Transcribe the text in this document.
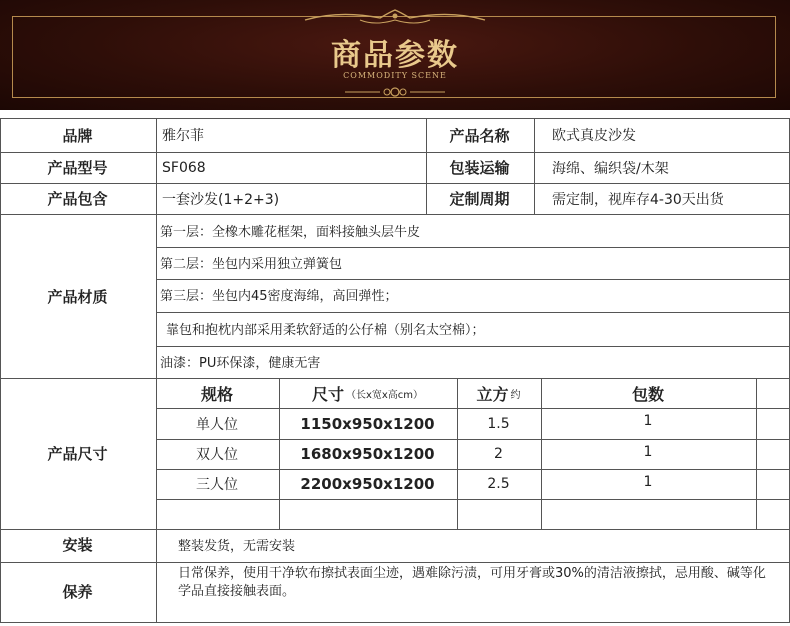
商品参数
COMMODITY SCENE
品牌	雅尔菲	产品名称	欧式真皮沙发
产品型号	SF068	包装运输	海绵、编织袋/木架
产品包含	一套沙发(1+2+3)	定制周期	需定制，视库存4-30天出货
产品材质
第一层：全橡木雕花框架，面料接触头层牛皮
第二层：坐包内采用独立弹簧包
第三层：坐包内45密度海绵，高回弹性；
靠包和抱枕内部采用柔软舒适的公仔棉（别名太空棉）；
油漆：PU环保漆，健康无害
产品尺寸
规格	尺寸 （长x宽x高cm）	立方 约	包数
单人位	1150x950x1200	1.5	1
双人位	1680x950x1200	2	1
三人位	2200x950x1200	2.5	1
安装	整装发货，无需安装
保养
日常保养，使用干净软布擦拭表面尘迹，遇难除污渍，可用牙膏或30%的清洁液擦拭，忌用酸、碱等化学品直接接触表面。
